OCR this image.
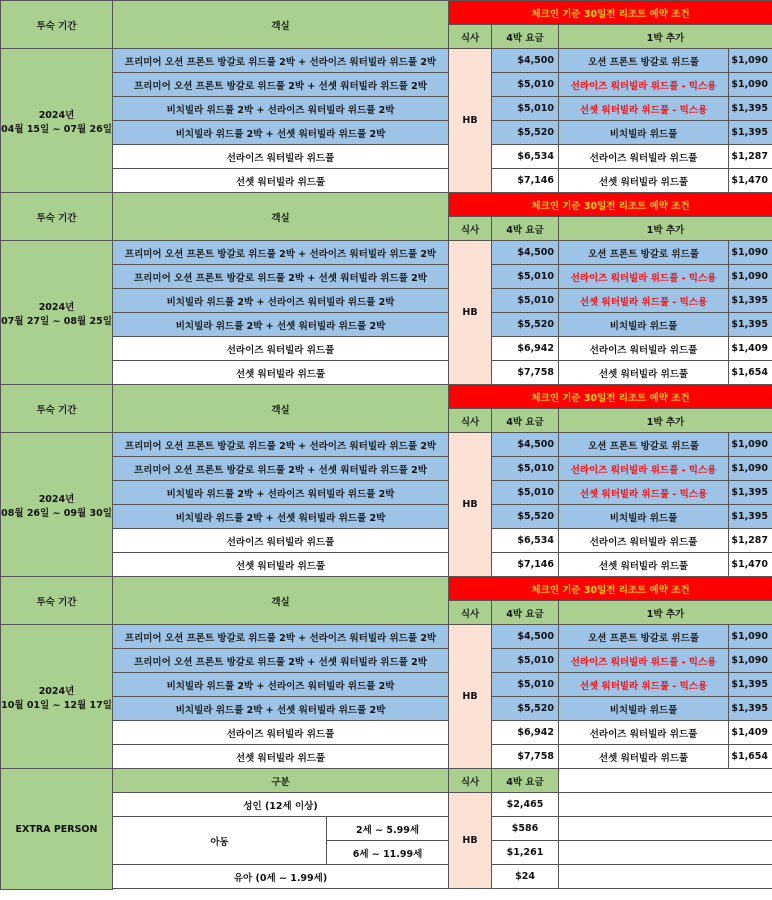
투숙 기간	객실		체크인 기준 30일전 리조트 예약 조건			
			식사	4박 요금	1박 추가	

2024년
04월 15일 ~ 07월 26일	프리미어 오션 프론트 방갈로 위드풀 2박 + 선라이즈 워터빌라 위드풀 2박		HB	$4,500	오션 프론트 방갈로 위드풀	$1,090
	프리미어 오션 프론트 방갈로 위드풀 2박 + 선셋 워터빌라 위드풀 2박			$5,010	선라이즈 워터빌라 위드풀 - 믹스용	$1,090
	비치빌라 위드풀 2박 + 선라이즈 워터빌라 위드풀 2박			$5,010	선셋 워터빌라 위드풀 - 믹스용	$1,395
	비치빌라 위드풀 2박 + 선셋 워터빌라 위드풀 2박			$5,520	비치빌라 위드풀	$1,395
	선라이즈 워터빌라 위드풀			$6,534	선라이즈 워터빌라 위드풀	$1,287
	선셋 워터빌라 위드풀			$7,146	선셋 워터빌라 위드풀	$1,470
투숙 기간	객실		체크인 기준 30일전 리조트 예약 조건			
			식사	4박 요금	1박 추가	

2024년
07월 27일 ~ 08월 25일	프리미어 오션 프론트 방갈로 위드풀 2박 + 선라이즈 워터빌라 위드풀 2박		HB	$4,500	오션 프론트 방갈로 위드풀	$1,090
	프리미어 오션 프론트 방갈로 위드풀 2박 + 선셋 워터빌라 위드풀 2박			$5,010	선라이즈 워터빌라 위드풀 - 믹스용	$1,090
	비치빌라 위드풀 2박 + 선라이즈 워터빌라 위드풀 2박			$5,010	선셋 워터빌라 위드풀 - 믹스용	$1,395
	비치빌라 위드풀 2박 + 선셋 워터빌라 위드풀 2박			$5,520	비치빌라 위드풀	$1,395
	선라이즈 워터빌라 위드풀			$6,942	선라이즈 워터빌라 위드풀	$1,409
	선셋 워터빌라 위드풀			$7,758	선셋 워터빌라 위드풀	$1,654
투숙 기간	객실		체크인 기준 30일전 리조트 예약 조건			
			식사	4박 요금	1박 추가	

2024년
08월 26일 ~ 09월 30일	프리미어 오션 프론트 방갈로 위드풀 2박 + 선라이즈 워터빌라 위드풀 2박		HB	$4,500	오션 프론트 방갈로 위드풀	$1,090
	프리미어 오션 프론트 방갈로 위드풀 2박 + 선셋 워터빌라 위드풀 2박			$5,010	선라이즈 워터빌라 위드풀 - 믹스용	$1,090
	비치빌라 위드풀 2박 + 선라이즈 워터빌라 위드풀 2박			$5,010	선셋 워터빌라 위드풀 - 믹스용	$1,395
	비치빌라 위드풀 2박 + 선셋 워터빌라 위드풀 2박			$5,520	비치빌라 위드풀	$1,395
	선라이즈 워터빌라 위드풀			$6,534	선라이즈 워터빌라 위드풀	$1,287
	선셋 워터빌라 위드풀			$7,146	선셋 워터빌라 위드풀	$1,470
투숙 기간	객실		체크인 기준 30일전 리조트 예약 조건			
			식사	4박 요금	1박 추가	

2024년
10월 01일 ~ 12월 17일	프리미어 오션 프론트 방갈로 위드풀 2박 + 선라이즈 워터빌라 위드풀 2박		HB	$4,500	오션 프론트 방갈로 위드풀	$1,090
	프리미어 오션 프론트 방갈로 위드풀 2박 + 선셋 워터빌라 위드풀 2박			$5,010	선라이즈 워터빌라 위드풀 - 믹스용	$1,090
	비치빌라 위드풀 2박 + 선라이즈 워터빌라 위드풀 2박			$5,010	선셋 워터빌라 위드풀 - 믹스용	$1,395
	비치빌라 위드풀 2박 + 선셋 워터빌라 위드풀 2박			$5,520	비치빌라 위드풀	$1,395
	선라이즈 워터빌라 위드풀			$6,942	선라이즈 워터빌라 위드풀	$1,409
	선셋 워터빌라 위드풀			$7,758	선셋 워터빌라 위드풀	$1,654
EXTRA PERSON	구분		식사	4박 요금		
	성인 (12세 이상)		HB	$2,465		
	아동	2세 ~ 5.99세		$586		
		6세 ~ 11.99세		$1,261		
	유아 (0세 ~ 1.99세)			$24		
